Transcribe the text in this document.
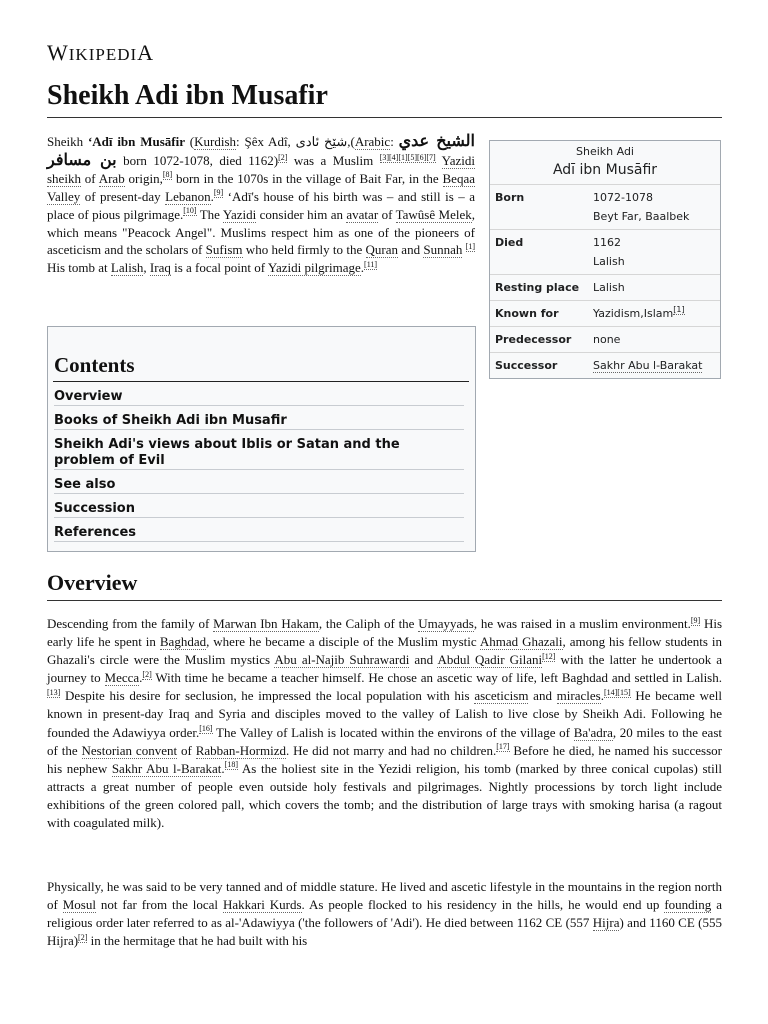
WIKIPEDIA
Sheikh Adi ibn Musafir
Sheikh ʻAdī ibn Musāfir (Kurdish: Şêx Adî, شێخ ئادی,(Arabic: الشيخ عدي بن مسافر born 1072-1078, died 1162)[2] was a Muslim [3][4][1][5][6][7] Yazidi sheikh of Arab origin,[8] born in the 1070s in the village of Bait Far, in the Beqaa Valley of present-day Lebanon.[9] ʻAdī's house of his birth was – and still is – a place of pious pilgrimage.[10] The Yazidi consider him an avatar of Tawûsê Melek, which means "Peacock Angel". Muslims respect him as one of the pioneers of asceticism and the scholars of Sufism who held firmly to the Quran and Sunnah [1] His tomb at Lalish, Iraq is a focal point of Yazidi pilgrimage.[11]
Sheikh Adi
Adī ibn Musāfir
Born	1072-1078
Beyt Far, Baalbek
Died	1162
Lalish
Resting place	Lalish
Known for	Yazidism,Islam[1]
Predecessor	none
Successor	Sakhr Abu l-Barakat
Contents
Overview
Books of Sheikh Adi ibn Musafir
Sheikh Adi's views about Iblis or Satan and the problem of Evil
See also
Succession
References
Overview
Descending from the family of Marwan Ibn Hakam, the Caliph of the Umayyads, he was raised in a muslim environment.[9] His early life he spent in Baghdad, where he became a disciple of the Muslim mystic Ahmad Ghazali, among his fellow students in Ghazali's circle were the Muslim mystics Abu al-Najib Suhrawardi and Abdul Qadir Gilani[12] with the latter he undertook a journey to Mecca.[2] With time he became a teacher himself. He chose an ascetic way of life, left Baghdad and settled in Lalish.[13] Despite his desire for seclusion, he impressed the local population with his asceticism and miracles.[14][15] He became well known in present-day Iraq and Syria and disciples moved to the valley of Lalish to live close by Sheikh Adi. Following he founded the Adawiyya order.[16] The Valley of Lalish is located within the environs of the village of Ba'adra, 20 miles to the east of the Nestorian convent of Rabban-Hormizd. He did not marry and had no children.[17] Before he died, he named his successor his nephew Sakhr Abu l-Barakat.[18] As the holiest site in the Yezidi religion, his tomb (marked by three conical cupolas) still attracts a great number of people even outside holy festivals and pilgrimages. Nightly processions by torch light include exhibitions of the green colored pall, which covers the tomb; and the distribution of large trays with smoking harisa (a ragout with coagulated milk).
Physically, he was said to be very tanned and of middle stature. He lived and ascetic lifestyle in the mountains in the region north of Mosul not far from the local Hakkari Kurds. As people flocked to his residency in the hills, he would end up founding a religious order later referred to as al-'Adawiyya ('the followers of 'Adi'). He died between 1162 CE (557 Hijra) and 1160 CE (555 Hijra)[2] in the hermitage that he had built with his
